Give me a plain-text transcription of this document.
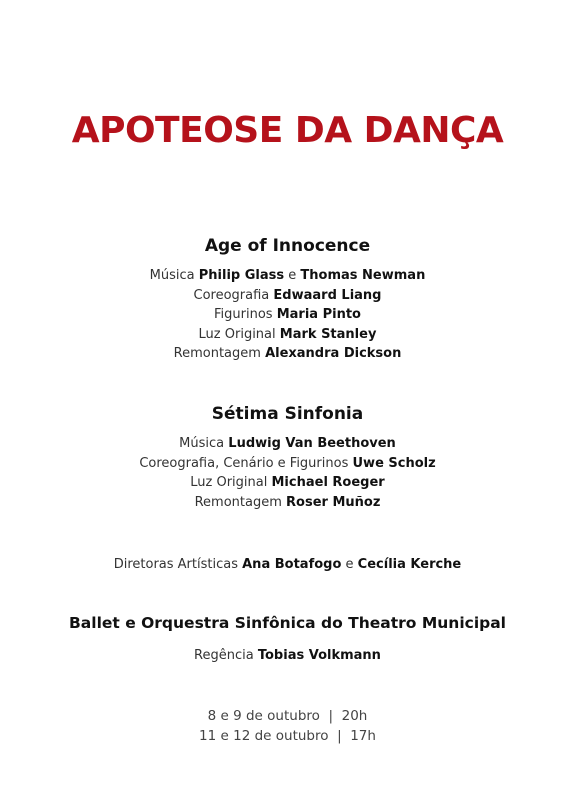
APOTEOSE DA DANÇA
Age of Innocence
Música Philip Glass e Thomas Newman
Coreografia Edwaard Liang
Figurinos Maria Pinto
Luz Original Mark Stanley
Remontagem Alexandra Dickson
Sétima Sinfonia
Música Ludwig Van Beethoven
Coreografia, Cenário e Figurinos Uwe Scholz
Luz Original Michael Roeger
Remontagem Roser Muñoz
Diretoras Artísticas Ana Botafogo e Cecília Kerche
Ballet e Orquestra Sinfônica do Theatro Municipal
Regência Tobias Volkmann
8 e 9 de outubro  |  20h
11 e 12 de outubro  |  17h
